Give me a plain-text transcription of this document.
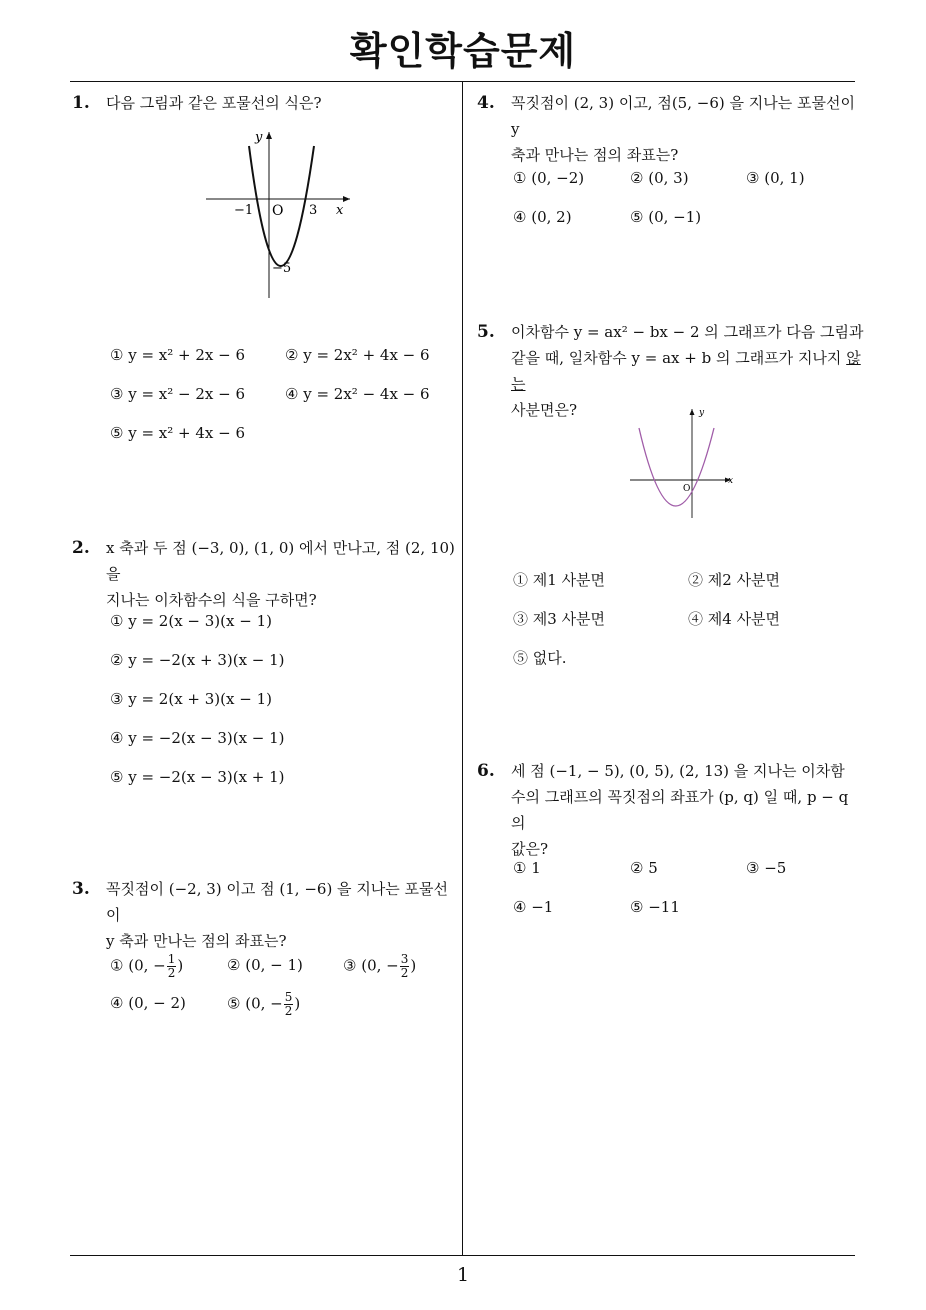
확인학습문제
1
1. 다음 그림과 같은 포물선의 식은?
y
x
−1 O 3
−5
① y = x² + 2x − 6	② y = 2x² + 4x − 6
③ y = x² − 2x − 6	④ y = 2x² − 4x − 6
⑤ y = x² + 4x − 6
2. x 축과 두 점 (−3, 0), (1, 0) 에서 만나고, 점 (2, 10) 을
지나는 이차함수의 식을 구하면?
① y = 2(x − 3)(x − 1)
② y = −2(x + 3)(x − 1)
③ y = 2(x + 3)(x − 1)
④ y = −2(x − 3)(x − 1)
⑤ y = −2(x − 3)(x + 1)
3. 꼭짓점이 (−2, 3) 이고 점 (1, −6) 을 지나는 포물선이
y 축과 만나는 점의 좌표는?
① (0, − $\frac{1}{2}$ )	② (0, − 1)	③ (0, − $\frac{3}{2}$ )
④ (0, − 2)	⑤ (0, − $\frac{5}{2}$ )
4. 꼭짓점이 (2, 3) 이고, 점(5, −6) 을 지나는 포물선이 y
축과 만나는 점의 좌표는?
① (0, −2)	② (0, 3)	③ (0, 1)
④ (0, 2)	⑤ (0, −1)
5. 이차함수 y = ax² − bx − 2 의 그래프가 다음 그림과
같을 때, 일차함수 y = ax + b 의 그래프가 지나지 않는
사분면은?	y
x
O
① 제1 사분면	② 제2 사분면
③ 제3 사분면	④ 제4 사분면
⑤ 없다.
6. 세 점 (−1, − 5), (0, 5), (2, 13) 을 지나는 이차함
수의 그래프의 꼭짓점의 좌표가 (p, q) 일 때, p − q 의
값은?
① 1	② 5	③ −5
④ −1	⑤ −11
